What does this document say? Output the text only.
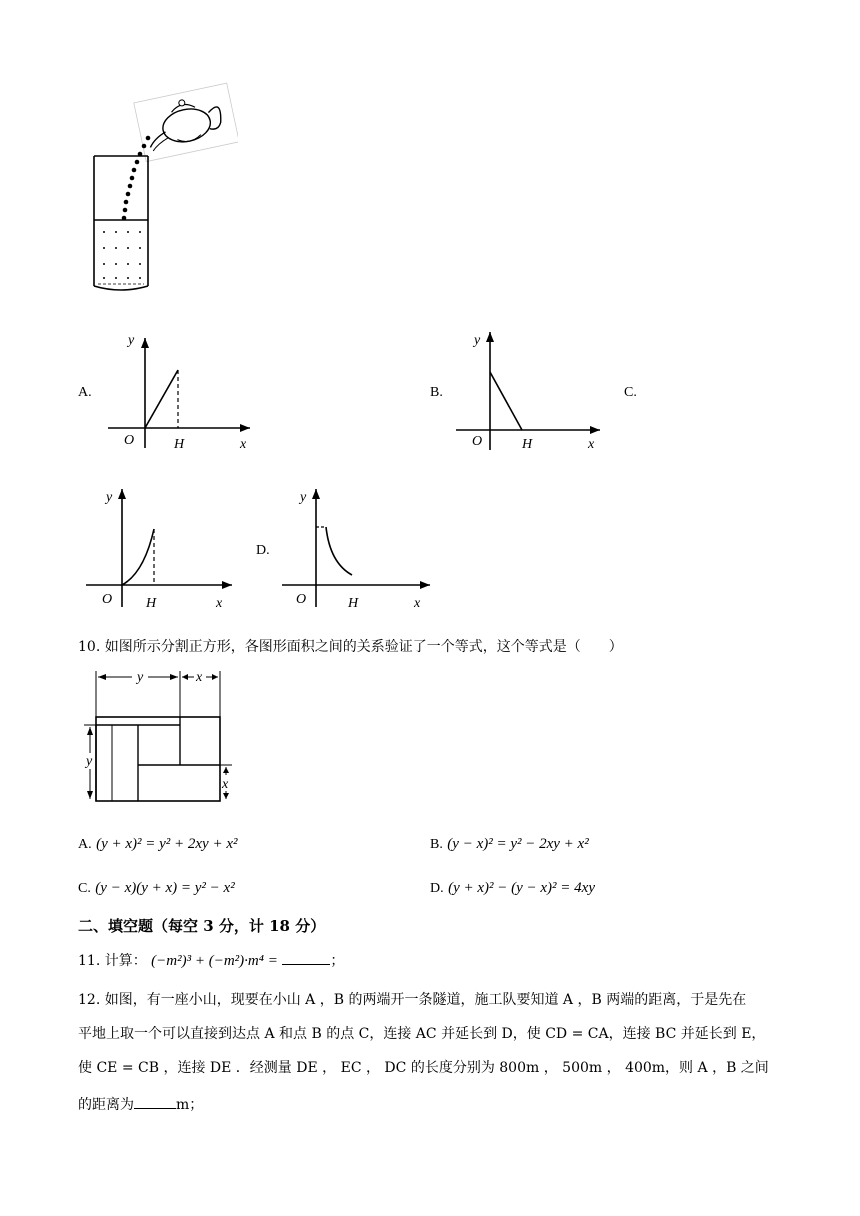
A.
y
O	H	x
B.
y
O	H	x
C.
y
O H	x
D.
y
O	H	x
10. 如图所示分割正方形，各图形面积之间的关系验证了一个等式，这个等式是（　　）
y	x
y
x
A. (y + x)² = y² + 2xy + x²	B. (y − x)² = y² − 2xy + x²
C. (y − x)(y + x) = y² − x²	D. (y + x)² − (y − x)² = 4xy
二、填空题（每空 3 分，计 18 分）
11. 计算： (−m²)³ + (−m²)·m⁴ =	；
12. 如图，有一座小山，现要在小山 A ，B 的两端开一条隧道，施工队要知道 A ，B 两端的距离，于是先在
平地上取一个可以直接到达点 A 和点 B 的点 C，连接 AC 并延长到 D，使 CD = CA，连接 BC 并延长到 E，
使 CE = CB ，连接 DE ．经测量 DE ， EC ， DC 的长度分别为 800m ， 500m ， 400m，则 A ，B 之间
的距离为	m；
